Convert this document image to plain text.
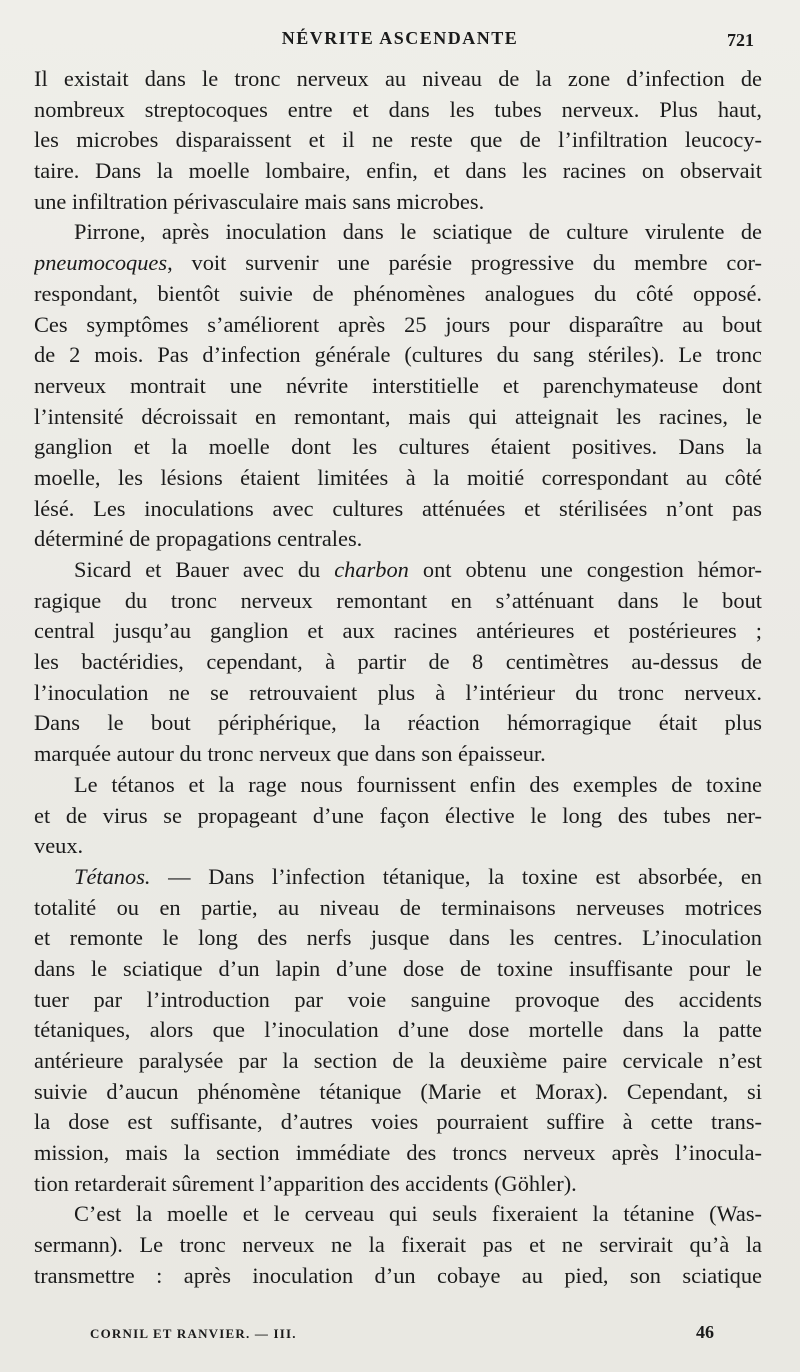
NÉVRITE ASCENDANTE	721
Il existait dans le tronc nerveux au niveau de la zone d’infection de
nombreux streptocoques entre et dans les tubes nerveux. Plus haut,
les microbes disparaissent et il ne reste que de l’infiltration leucocy-
taire. Dans la moelle lombaire, enfin, et dans les racines on observait
une infiltration périvasculaire mais sans microbes.
Pirrone, après inoculation dans le sciatique de culture virulente de
pneumocoques, voit survenir une parésie progressive du membre cor-
respondant, bientôt suivie de phénomènes analogues du côté opposé.
Ces symptômes s’améliorent après 25 jours pour disparaître au bout
de 2 mois. Pas d’infection générale (cultures du sang stériles). Le tronc
nerveux montrait une névrite interstitielle et parenchymateuse dont
l’intensité décroissait en remontant, mais qui atteignait les racines, le
ganglion et la moelle dont les cultures étaient positives. Dans la
moelle, les lésions étaient limitées à la moitié correspondant au côté
lésé. Les inoculations avec cultures atténuées et stérilisées n’ont pas
déterminé de propagations centrales.
Sicard et Bauer avec du charbon ont obtenu une congestion hémor-
ragique du tronc nerveux remontant en s’atténuant dans le bout
central jusqu’au ganglion et aux racines antérieures et postérieures ;
les bactéridies, cependant, à partir de 8 centimètres au-dessus de
l’inoculation ne se retrouvaient plus à l’intérieur du tronc nerveux.
Dans le bout périphérique, la réaction hémorragique était plus
marquée autour du tronc nerveux que dans son épaisseur.
Le tétanos et la rage nous fournissent enfin des exemples de toxine
et de virus se propageant d’une façon élective le long des tubes ner-
veux.
Tétanos. — Dans l’infection tétanique, la toxine est absorbée, en
totalité ou en partie, au niveau de terminaisons nerveuses motrices
et remonte le long des nerfs jusque dans les centres. L’inoculation
dans le sciatique d’un lapin d’une dose de toxine insuffisante pour le
tuer par l’introduction par voie sanguine provoque des accidents
tétaniques, alors que l’inoculation d’une dose mortelle dans la patte
antérieure paralysée par la section de la deuxième paire cervicale n’est
suivie d’aucun phénomène tétanique (Marie et Morax). Cependant, si
la dose est suffisante, d’autres voies pourraient suffire à cette trans-
mission, mais la section immédiate des troncs nerveux après l’inocula-
tion retarderait sûrement l’apparition des accidents (Göhler).
C’est la moelle et le cerveau qui seuls fixeraient la tétanine (Was-
sermann). Le tronc nerveux ne la fixerait pas et ne servirait qu’à la
transmettre : après inoculation d’un cobaye au pied, son sciatique
CORNIL ET RANVIER. — III.	46
